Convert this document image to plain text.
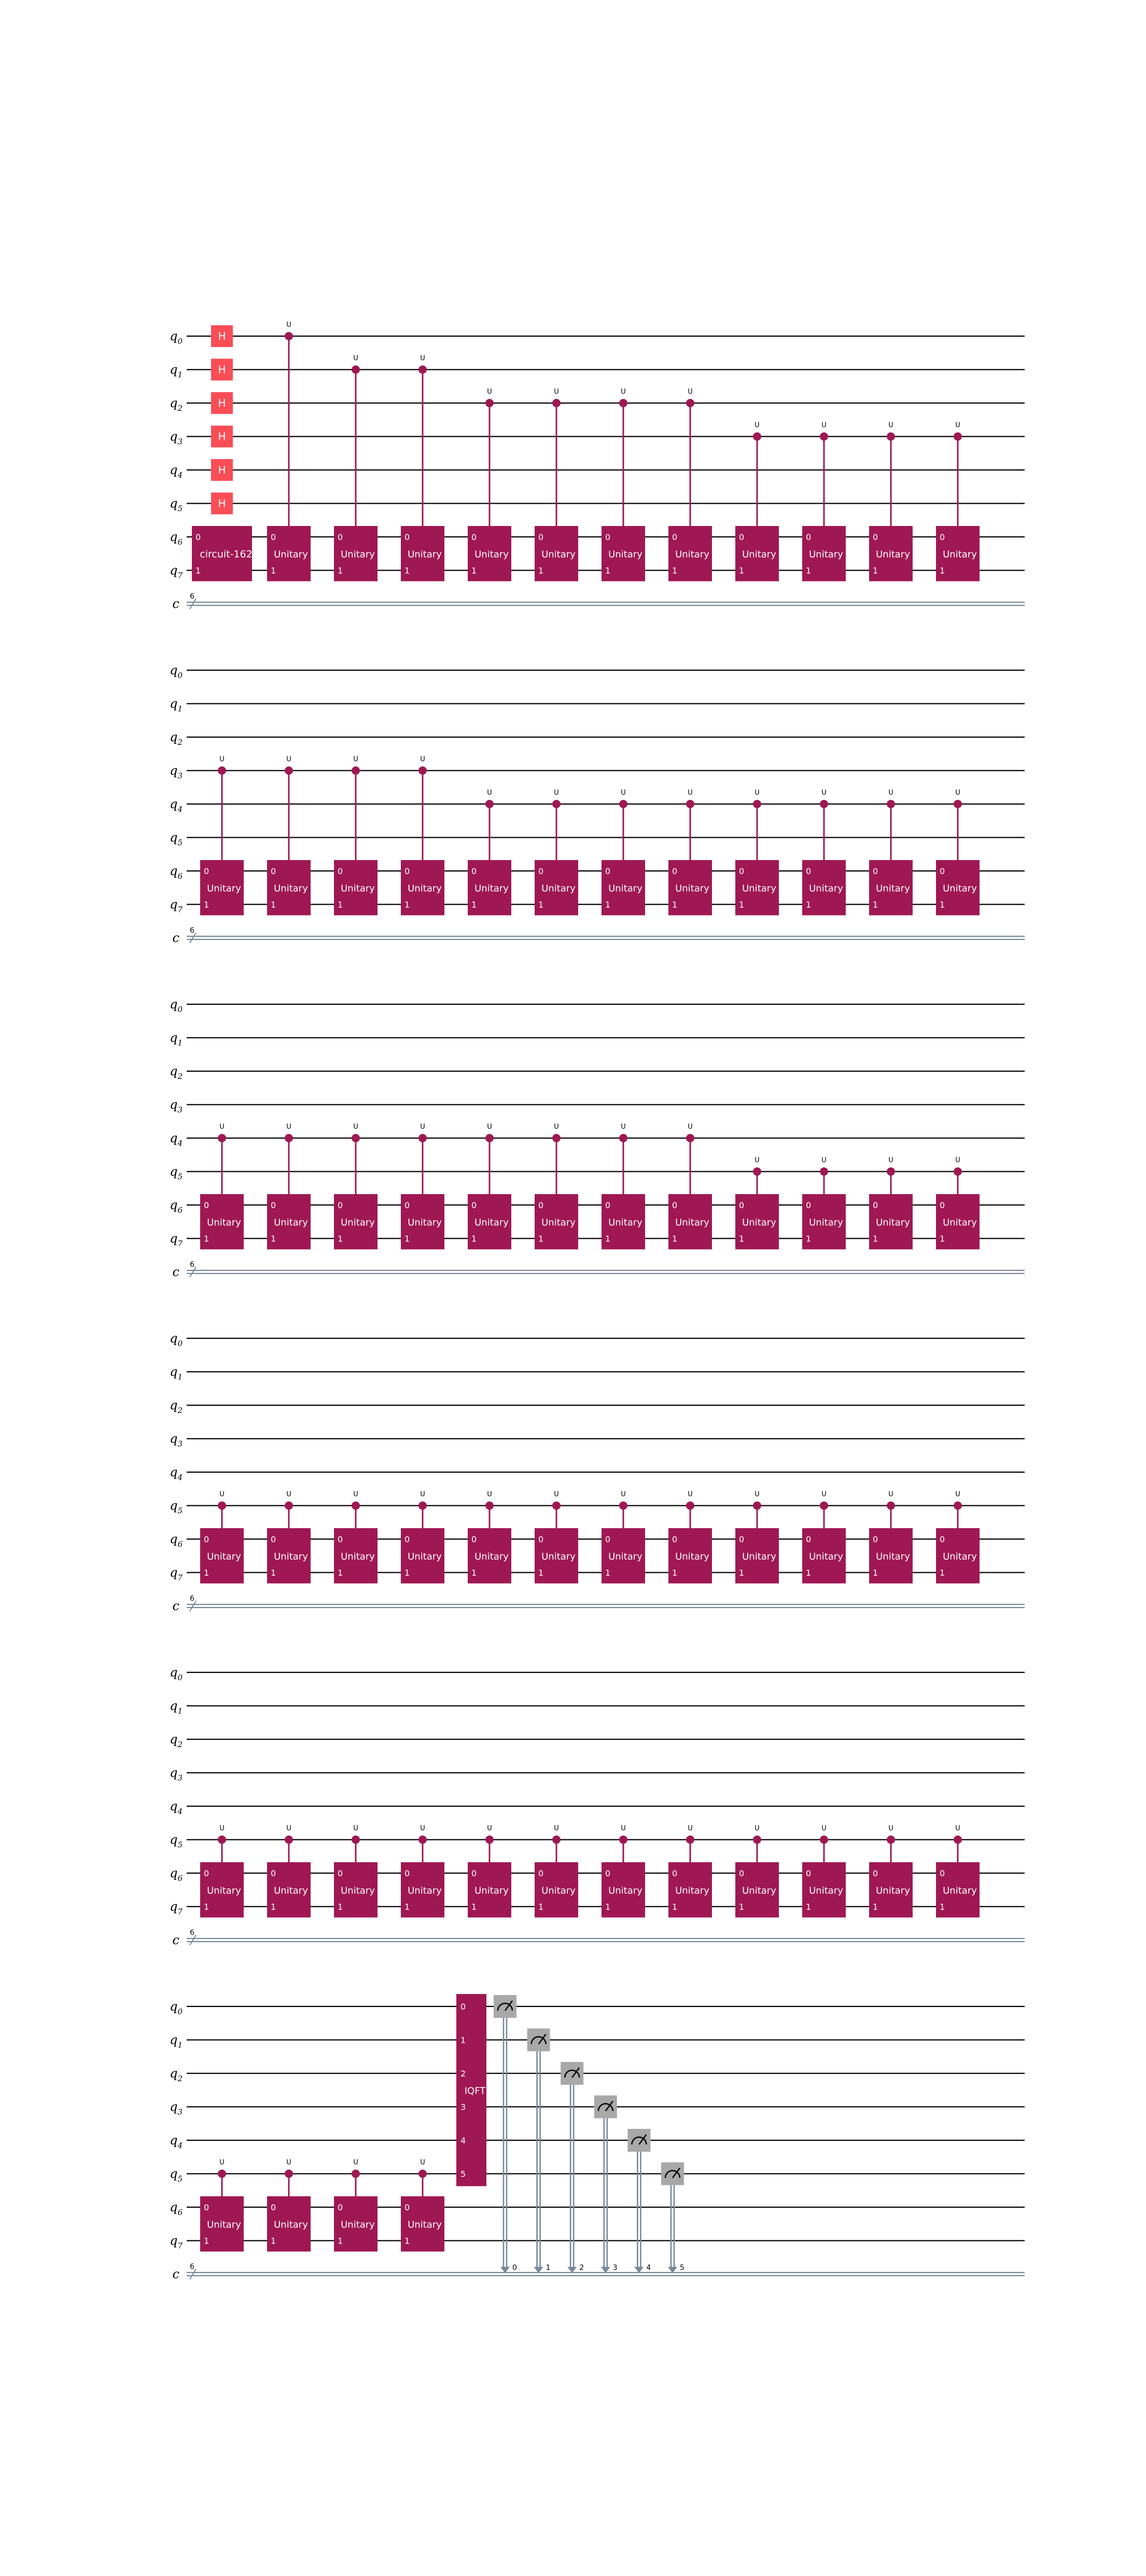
$q_0$
$q_1$
$q_2$
$q_3$
$q_4$
$q_5$
$q_6$
$q_7$
c 6
H
H
H
H
H
H
0
1
circuit-162
U
0
1
Unitary
U
0
1
Unitary
U
0
1
Unitary
U
0
1
Unitary
U
0
1
Unitary
U
0
1
Unitary
U
0
1
Unitary
U
0
1
Unitary
U
0
1
Unitary
U
0
1
Unitary
U
0
1
Unitary
$q_0$
$q_1$
$q_2$
$q_3$
$q_4$
$q_5$
$q_6$
$q_7$
c 6
U
0
1
Unitary
U
0
1
Unitary
U
0
1
Unitary
U
0
1
Unitary
U
0
1
Unitary
U
0
1
Unitary
U
0
1
Unitary
U
0
1
Unitary
U
0
1
Unitary
U
0
1
Unitary
U
0
1
Unitary
U
0
1
Unitary
$q_0$
$q_1$
$q_2$
$q_3$
$q_4$
$q_5$
$q_6$
$q_7$
c 6
U
0
1
Unitary
U
0
1
Unitary
U
0
1
Unitary
U
0
1
Unitary
U
0
1
Unitary
U
0
1
Unitary
U
0
1
Unitary
U
0
1
Unitary
U
0
1
Unitary
U
0
1
Unitary
U
0
1
Unitary
U
0
1
Unitary
$q_0$
$q_1$
$q_2$
$q_3$
$q_4$
$q_5$
$q_6$
$q_7$
c 6
U
0
1
Unitary
U
0
1
Unitary
U
0
1
Unitary
U
0
1
Unitary
U
0
1
Unitary
U
0
1
Unitary
U
0
1
Unitary
U
0
1
Unitary
U
0
1
Unitary
U
0
1
Unitary
U
0
1
Unitary
U
0
1
Unitary
$q_0$
$q_1$
$q_2$
$q_3$
$q_4$
$q_5$
$q_6$
$q_7$
c 6
U
0
1
Unitary
U
0
1
Unitary
U
0
1
Unitary
U
0
1
Unitary
U
0
1
Unitary
U
0
1
Unitary
U
0
1
Unitary
U
0
1
Unitary
U
0
1
Unitary
U
0
1
Unitary
U
0
1
Unitary
U
0
1
Unitary
$q_0$
$q_1$
$q_2$
$q_3$
$q_4$
$q_5$
$q_6$
$q_7$
c 6
U
0
1
Unitary
U
0
1
Unitary
U
0
1
Unitary
U
0
1
Unitary
0
1
2
3
4
5
IQFT
0	1	2	3	4	5
